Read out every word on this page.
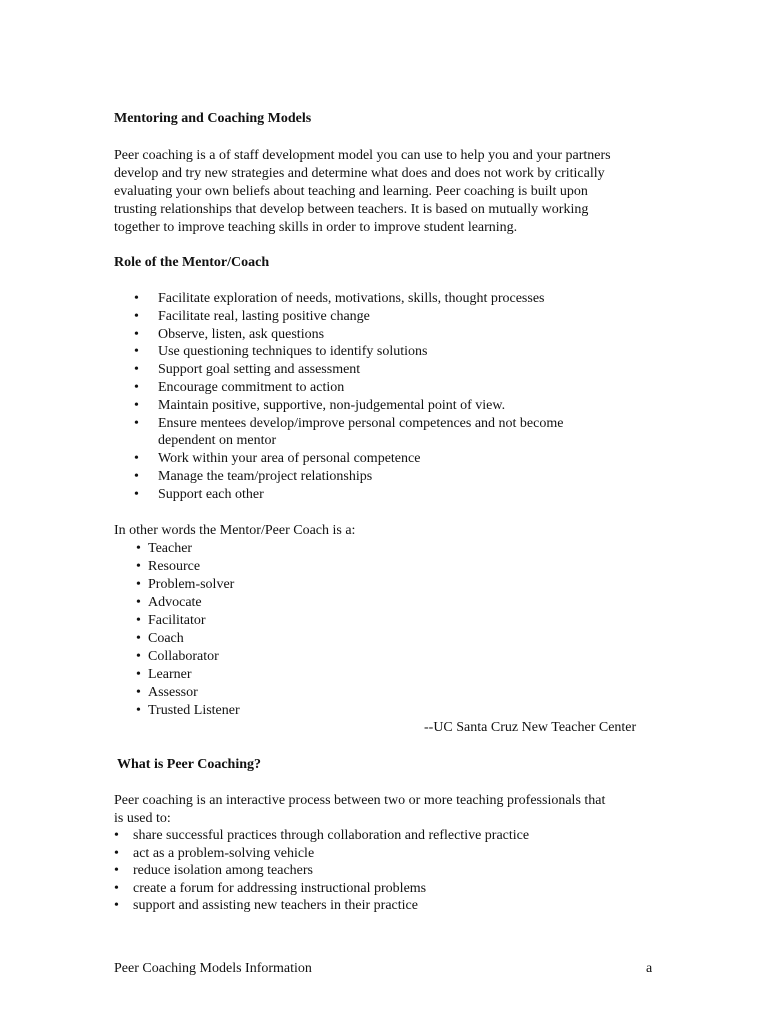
Mentoring and Coaching Models
Peer coaching is a of staff development model you can use to help you and your partners
develop and try new strategies and determine what does and does not work by critically
evaluating your own beliefs about teaching and learning. Peer coaching is built upon
trusting relationships that develop between teachers. It is based on mutually working
together to improve teaching skills in order to improve student learning.
Role of the Mentor/Coach
• Facilitate exploration of needs, motivations, skills, thought processes
• Facilitate real, lasting positive change
• Observe, listen, ask questions
• Use questioning techniques to identify solutions
• Support goal setting and assessment
• Encourage commitment to action
• Maintain positive, supportive, non-judgemental point of view.
• Ensure mentees develop/improve personal competences and not become
dependent on mentor
• Work within your area of personal competence
• Manage the team/project relationships
• Support each other
In other words the Mentor/Peer Coach is a:
• Teacher
• Resource
• Problem-solver
• Advocate
• Facilitator
• Coach
• Collaborator
• Learner
• Assessor
• Trusted Listener
--UC Santa Cruz New Teacher Center
What is Peer Coaching?
Peer coaching is an interactive process between two or more teaching professionals that
is used to:
• share successful practices through collaboration and reflective practice
• act as a problem-solving vehicle
• reduce isolation among teachers
• create a forum for addressing instructional problems
• support and assisting new teachers in their practice
Peer Coaching Models Information	a
